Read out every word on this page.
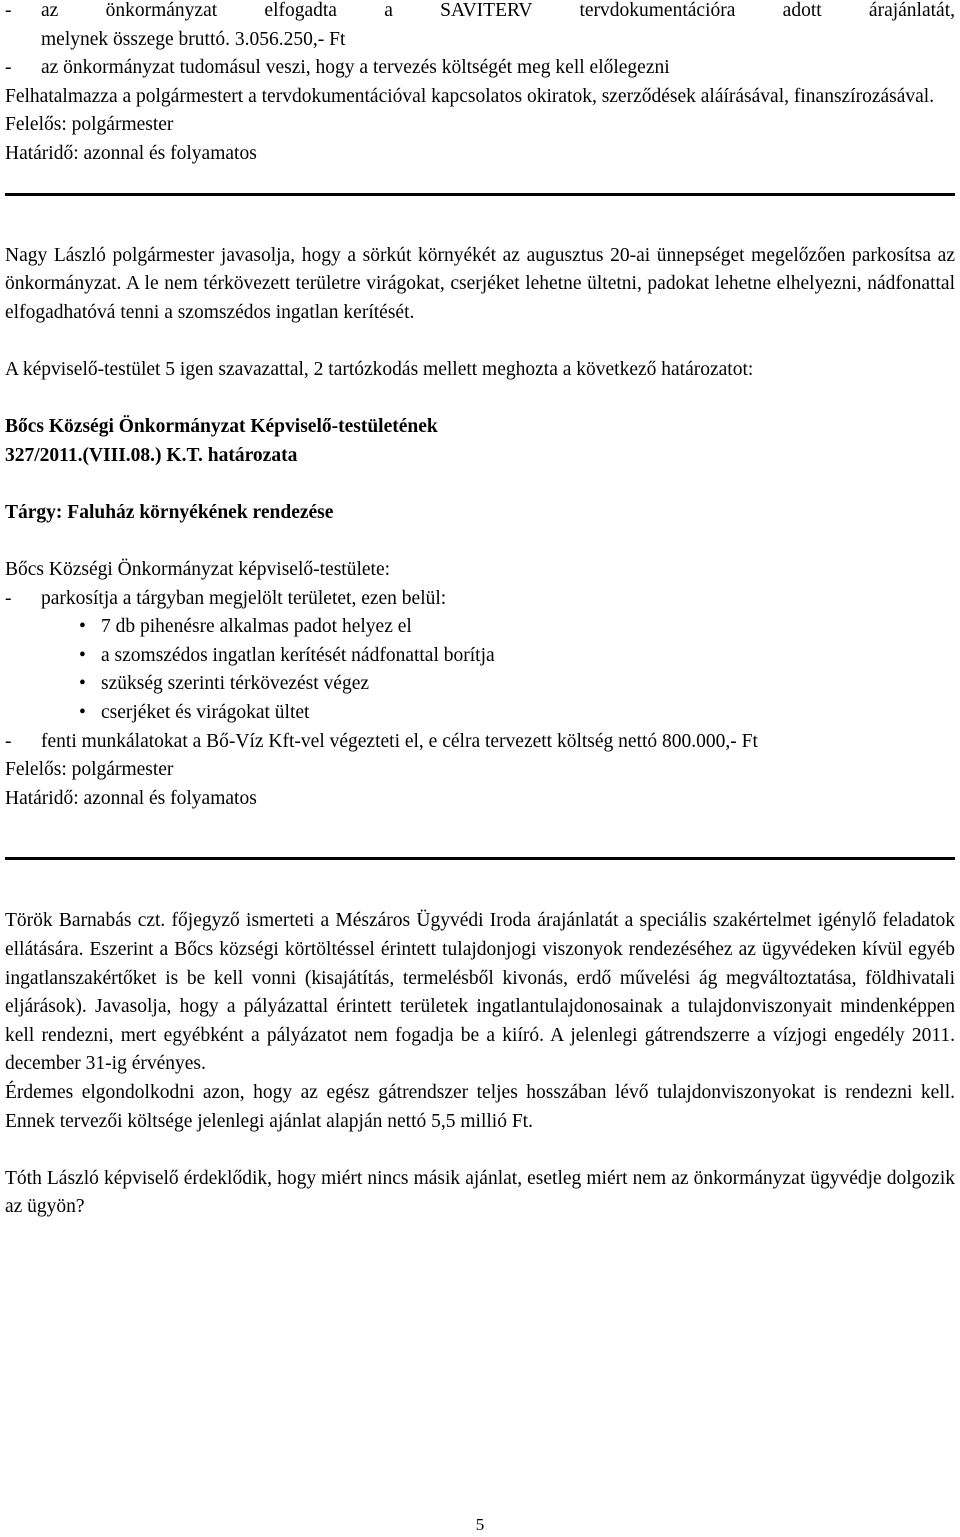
-	az önkormányzat elfogadta a SAVITERV tervdokumentációra adott árajánlatát,

melynek összege bruttó. 3.056.250,- Ft

-	az önkormányzat tudomásul veszi, hogy a tervezés költségét meg kell előlegezni

Felhatalmazza a polgármestert a tervdokumentációval kapcsolatos okiratok, szerződések aláírásával, finanszírozásával.

Felelős: polgármester

Határidő: azonnal és folyamatos

Nagy László polgármester javasolja, hogy a sörkút környékét az augusztus 20-ai ünnepséget megelőzően parkosítsa az önkormányzat. A le nem térkövezett területre virágokat, cserjéket lehetne ültetni, padokat lehetne elhelyezni, nádfonattal elfogadhatóvá tenni a szomszédos ingatlan kerítését.

A képviselő-testület 5 igen szavazattal, 2 tartózkodás mellett meghozta a következő határozatot:

Bőcs Községi Önkormányzat Képviselő-testületének

327/2011.(VIII.08.) K.T. határozata

Tárgy: Faluház környékének rendezése

Bőcs Községi Önkormányzat képviselő-testülete:

-	parkosítja a tárgyban megjelölt területet, ezen belül:
• 7 db pihenésre alkalmas padot helyez el
• a szomszédos ingatlan kerítését nádfonattal borítja
• szükség szerinti térkövezést végez
• cserjéket és virágokat ültet
-	fenti munkálatokat a Bő-Víz Kft-vel végezteti el, e célra tervezett költség nettó 800.000,- Ft

Felelős: polgármester

Határidő: azonnal és folyamatos

Török Barnabás czt. főjegyző ismerteti a Mészáros Ügyvédi Iroda árajánlatát a speciális szakértelmet igénylő feladatok ellátására. Eszerint a Bőcs községi körtöltéssel érintett tulajdonjogi viszonyok rendezéséhez az ügyvédeken kívül egyéb ingatlanszakértőket is be kell vonni (kisajátítás, termelésből kivonás, erdő művelési ág megváltoztatása, földhivatali eljárások). Javasolja, hogy a pályázattal érintett területek ingatlantulajdonosainak a tulajdonviszonyait mindenképpen kell rendezni, mert egyébként a pályázatot nem fogadja be a kiíró. A jelenlegi gátrendszerre a vízjogi engedély 2011. december 31-ig érvényes.

Érdemes elgondolkodni azon, hogy az egész gátrendszer teljes hosszában lévő tulajdonviszonyokat is rendezni kell. Ennek tervezői költsége jelenlegi ajánlat alapján nettó 5,5 millió Ft.

Tóth László képviselő érdeklődik, hogy miért nincs másik ajánlat, esetleg miért nem az önkormányzat ügyvédje dolgozik az ügyön?

5
